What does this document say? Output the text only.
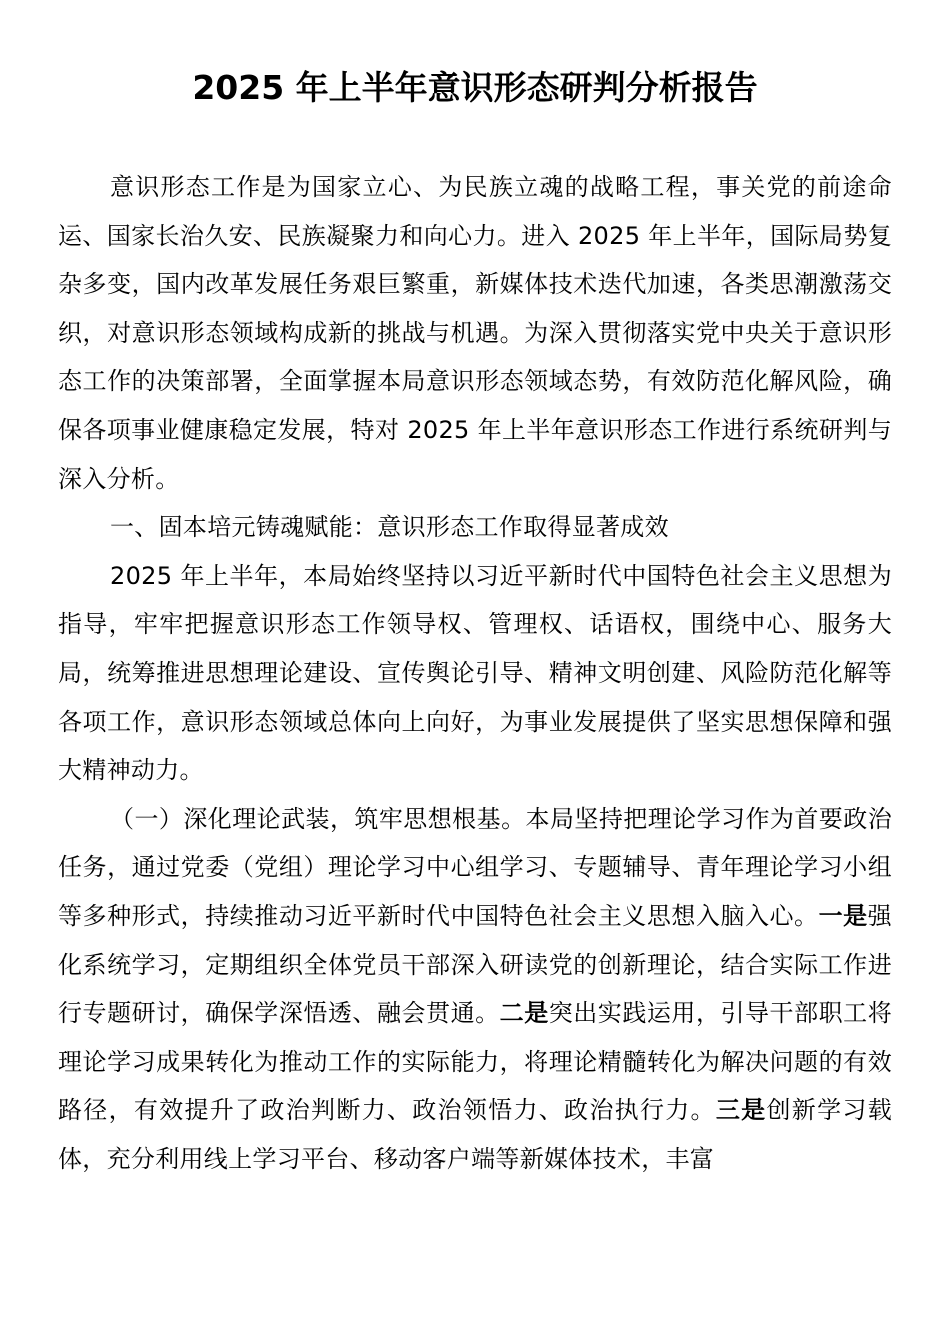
2025 年上半年意识形态研判分析报告

意识形态工作是为国家立心、为民族立魂的战略工程，事关党的前途命运、国家长治久安、民族凝聚力和向心力。进入 2025 年上半年，国际局势复杂多变，国内改革发展任务艰巨繁重，新媒体技术迭代加速，各类思潮激荡交织，对意识形态领域构成新的挑战与机遇。为深入贯彻落实党中央关于意识形态工作的决策部署，全面掌握本局意识形态领域态势，有效防范化解风险，确保各项事业健康稳定发展，特对 2025 年上半年意识形态工作进行系统研判与深入分析。

一、固本培元铸魂赋能：意识形态工作取得显著成效

2025 年上半年，本局始终坚持以习近平新时代中国特色社会主义思想为指导，牢牢把握意识形态工作领导权、管理权、话语权，围绕中心、服务大局，统筹推进思想理论建设、宣传舆论引导、精神文明创建、风险防范化解等各项工作，意识形态领域总体向上向好，为事业发展提供了坚实思想保障和强大精神动力。

（一）深化理论武装，筑牢思想根基。本局坚持把理论学习作为首要政治任务，通过党委（党组）理论学习中心组学习、专题辅导、青年理论学习小组等多种形式，持续推动习近平新时代中国特色社会主义思想入脑入心。一是强化系统学习，定期组织全体党员干部深入研读党的创新理论，结合实际工作进行专题研讨，确保学深悟透、融会贯通。二是突出实践运用，引导干部职工将理论学习成果转化为推动工作的实际能力，将理论精髓转化为解决问题的有效路径，有效提升了政治判断力、政治领悟力、政治执行力。三是创新学习载体，充分利用线上学习平台、移动客户端等新媒体技术，丰富
